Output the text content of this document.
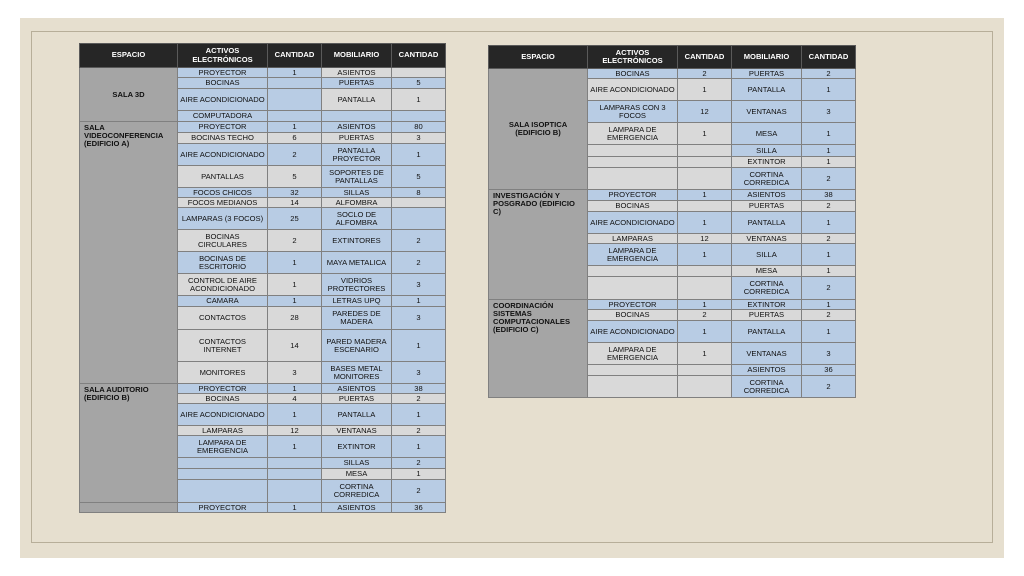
ESPACIO	ACTIVOS ELECTRÓNICOS	CANTIDAD	MOBILIARIO	CANTIDAD
SALA 3D	PROYECTOR	1	ASIENTOS	
	BOCINAS		PUERTAS	5
	AIRE ACONDICIONADO		PANTALLA	1
	COMPUTADORA			
SALA VIDEOCONFERENCIA (EDIFICIO A)	PROYECTOR	1	ASIENTOS	80
	BOCINAS TECHO	6	PUERTAS	3
	AIRE ACONDICIONADO	2	PANTALLA PROYECTOR	1
	PANTALLAS	5	SOPORTES DE PANTALLAS	5
	FOCOS CHICOS	32	SILLAS	8
	FOCOS MEDIANOS	14	ALFOMBRA	
	LAMPARAS (3 FOCOS)	25	SOCLO DE ALFOMBRA	
	BOCINAS CIRCULARES	2	EXTINTORES	2
	BOCINAS DE ESCRITORIO	1	MAYA METALICA	2
	CONTROL DE AIRE ACONDICIONADO	1	VIDRIOS PROTECTORES	3
	CAMARA	1	LETRAS UPQ	1
	CONTACTOS	28	PAREDES DE MADERA	3
	CONTACTOS INTERNET	14	PARED MADERA ESCENARIO	1
	MONITORES	3	BASES METAL MONITORES	3
SALA AUDITORIO (EDIFICIO B)	PROYECTOR	1	ASIENTOS	38
	BOCINAS	4	PUERTAS	2
	AIRE ACONDICIONADO	1	PANTALLA	1
	LAMPARAS	12	VENTANAS	2
	LAMPARA DE EMERGENCIA	1	EXTINTOR	1
			SILLAS	2
			MESA	1
			CORTINA CORREDICA	2
	PROYECTOR	1	ASIENTOS	36
ESPACIO	ACTIVOS ELECTRÓNICOS	CANTIDAD	MOBILIARIO	CANTIDAD
SALA ISOPTICA (EDIFICIO B)	BOCINAS	2	PUERTAS	2
	AIRE ACONDICIONADO	1	PANTALLA	1
	LAMPARAS CON 3 FOCOS	12	VENTANAS	3
	LAMPARA DE EMERGENCIA	1	MESA	1
			SILLA	1
			EXTINTOR	1
			CORTINA CORREDICA	2
INVESTIGACIÓN Y POSGRADO (EDIFICIO C)	PROYECTOR	1	ASIENTOS	38
	BOCINAS		PUERTAS	2
	AIRE ACONDICIONADO	1	PANTALLA	1
	LAMPARAS	12	VENTANAS	2
	LAMPARA DE EMERGENCIA	1	SILLA	1
			MESA	1
			CORTINA CORREDICA	2
COORDINACIÓN SISTEMAS COMPUTACIONALES (EDIFICIO C)	PROYECTOR	1	EXTINTOR	1
	BOCINAS	2	PUERTAS	2
	AIRE ACONDICIONADO	1	PANTALLA	1
	LAMPARA DE EMERGENCIA	1	VENTANAS	3
			ASIENTOS	36
			CORTINA CORREDICA	2
